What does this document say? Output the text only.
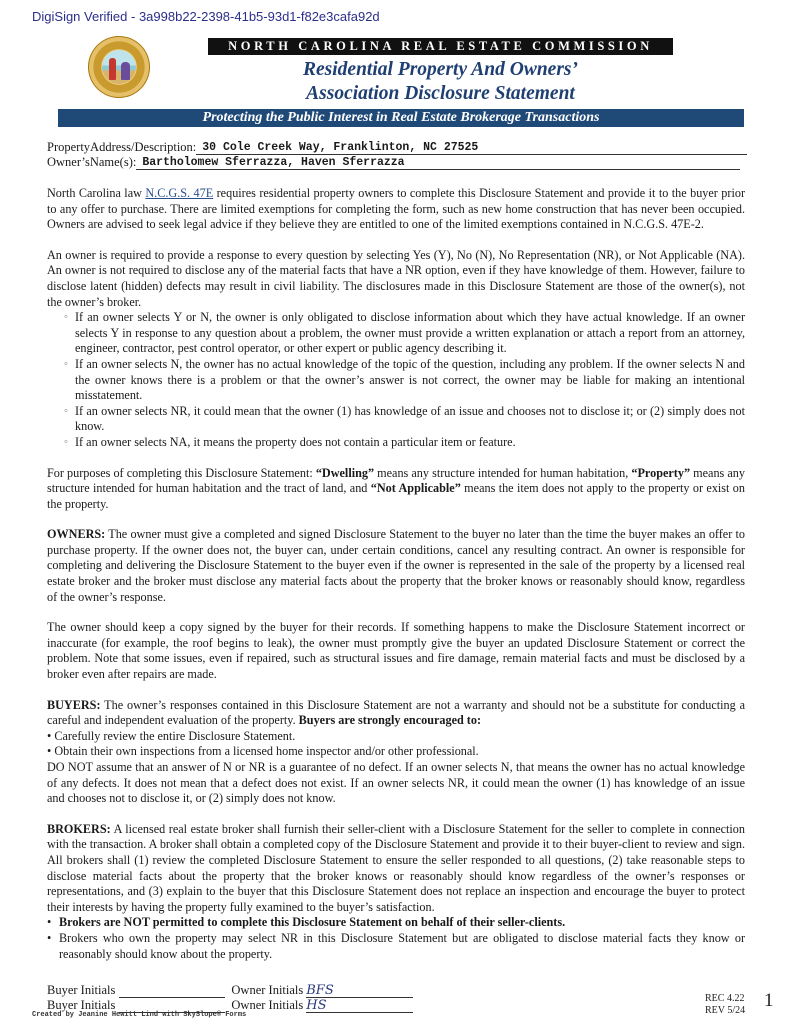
DigiSign Verified - 3a998b22-2398-41b5-93d1-f82e3cafa92d
NORTH CAROLINA REAL ESTATE COMMISSION
Residential Property And Owners’
Association Disclosure Statement
Protecting the Public Interest in Real Estate Brokerage Transactions
PropertyAddress/Description: 30 Cole Creek Way, Franklinton, NC 27525
Owner’sName(s): Bartholomew Sferrazza, Haven Sferrazza

North Carolina law N.C.G.S. 47E requires residential property owners to complete this Disclosure Statement and provide it to the buyer prior to any offer to purchase. There are limited exemptions for completing the form, such as new home construction that has never been occupied. Owners are advised to seek legal advice if they believe they are entitled to one of the limited exemptions contained in N.C.G.S. 47E-2.

An owner is required to provide a response to every question by selecting Yes (Y), No (N), No Representation (NR), or Not Applicable (NA). An owner is not required to disclose any of the material facts that have a NR option, even if they have knowledge of them. However, failure to disclose latent (hidden) defects may result in civil liability. The disclosures made in this Disclosure Statement are those of the owner(s), not the owner’s broker.

◦ If an owner selects Y or N, the owner is only obligated to disclose information about which they have actual knowledge. If an owner selects Y in response to any question about a problem, the owner must provide a written explanation or attach a report from an attorney, engineer, contractor, pest control operator, or other expert or public agency describing it.
◦ If an owner selects N, the owner has no actual knowledge of the topic of the question, including any problem. If the owner selects N and the owner knows there is a problem or that the owner’s answer is not correct, the owner may be liable for making an intentional misstatement.
◦ If an owner selects NR, it could mean that the owner (1) has knowledge of an issue and chooses not to disclose it; or (2) simply does not know.
◦ If an owner selects NA, it means the property does not contain a particular item or feature.

For purposes of completing this Disclosure Statement: “Dwelling” means any structure intended for human habitation, “Property” means any structure intended for human habitation and the tract of land, and “Not Applicable” means the item does not apply to the property or exist on the property.

OWNERS: The owner must give a completed and signed Disclosure Statement to the buyer no later than the time the buyer makes an offer to purchase property. If the owner does not, the buyer can, under certain conditions, cancel any resulting contract. An owner is responsible for completing and delivering the Disclosure Statement to the buyer even if the owner is represented in the sale of the property by a licensed real estate broker and the broker must disclose any material facts about the property that the broker knows or reasonably should know, regardless of the owner’s response.

The owner should keep a copy signed by the buyer for their records. If something happens to make the Disclosure Statement incorrect or inaccurate (for example, the roof begins to leak), the owner must promptly give the buyer an updated Disclosure Statement or correct the problem. Note that some issues, even if repaired, such as structural issues and fire damage, remain material facts and must be disclosed by a broker even after repairs are made.

BUYERS: The owner’s responses contained in this Disclosure Statement are not a warranty and should not be a substitute for conducting a careful and independent evaluation of the property. Buyers are strongly encouraged to:
• Carefully review the entire Disclosure Statement.
• Obtain their own inspections from a licensed home inspector and/or other professional.
DO NOT assume that an answer of N or NR is a guarantee of no defect. If an owner selects N, that means the owner has no actual knowledge of any defects. It does not mean that a defect does not exist. If an owner selects NR, it could mean the owner (1) has knowledge of an issue and chooses not to disclose it, or (2) simply does not know.
BROKERS: A licensed real estate broker shall furnish their seller-client with a Disclosure Statement for the seller to complete in connection with the transaction. A broker shall obtain a completed copy of the Disclosure Statement and provide it to their buyer-client to review and sign. All brokers shall (1) review the completed Disclosure Statement to ensure the seller responded to all questions, (2) take reasonable steps to disclose material facts about the property that the broker knows or reasonably should know regardless of the owner’s responses or representations, and (3) explain to the buyer that this Disclosure Statement does not replace an inspection and encourage the buyer to protect their interests by having the property fully examined to the buyer’s satisfaction.
• Brokers are NOT permitted to complete this Disclosure Statement on behalf of their seller-clients.
• Brokers who own the property may select NR in this Disclosure Statement but are obligated to disclose material facts they know or reasonably should know about the property.
Buyer Initials	Owner Initials BFS
Buyer Initials	Owner Initials HS
Created by Jeanine Hewitt Lind with SkySlope® Forms
REC 4.22
REV 5/24 1
